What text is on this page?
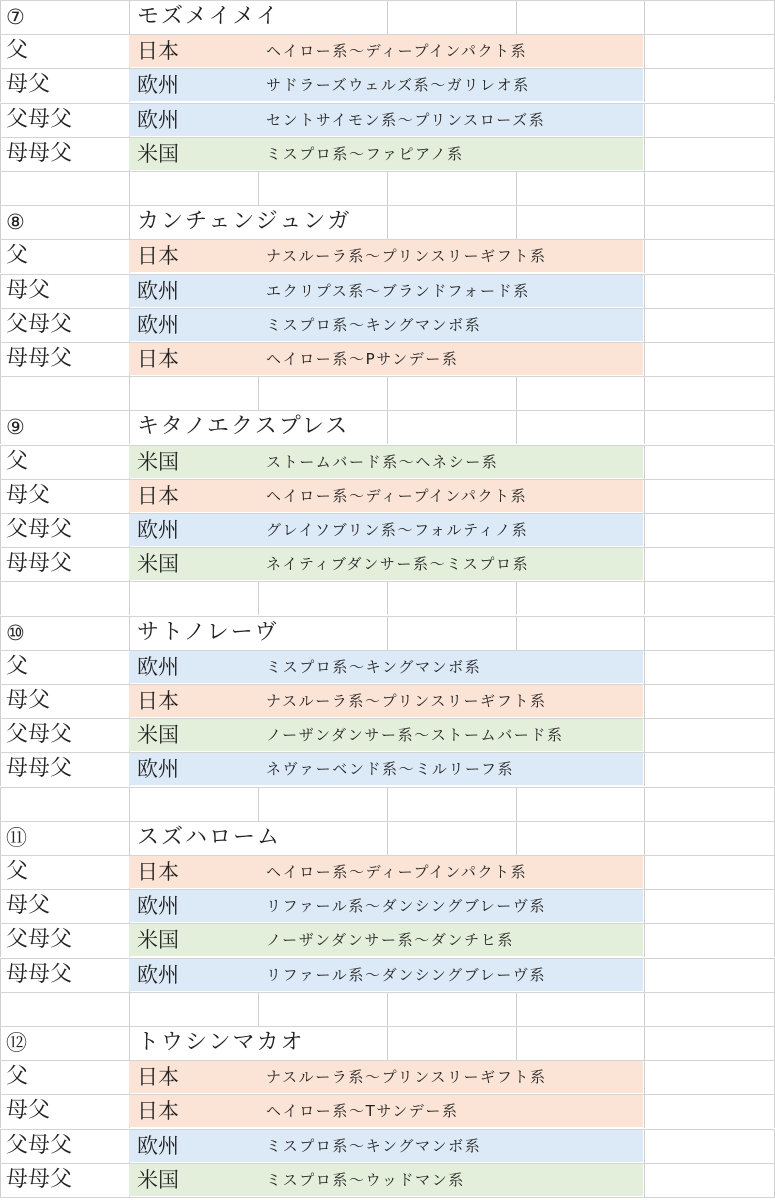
⑦	モズメイメイ
父	日本	ヘイロー系～ディープインパクト系
母父	欧州	サドラーズウェルズ系～ガリレオ系
父母父	欧州	セントサイモン系～プリンスローズ系
母母父	米国	ミスプロ系～ファピアノ系
⑧	カンチェンジュンガ
父	日本	ナスルーラ系～プリンスリーギフト系
母父	欧州	エクリプス系～ブランドフォード系
父母父	欧州	ミスプロ系～キングマンボ系
母母父	日本	ヘイロー系～Pサンデー系
⑨	キタノエクスプレス
父	米国	ストームバード系～ヘネシー系
母父	日本	ヘイロー系～ディープインパクト系
父母父	欧州	グレイソブリン系～フォルティノ系
母母父	米国	ネイティブダンサー系～ミスプロ系
⑩	サトノレーヴ
父	欧州	ミスプロ系～キングマンボ系
母父	日本	ナスルーラ系～プリンスリーギフト系
父母父	米国	ノーザンダンサー系～ストームバード系
母母父	欧州	ネヴァーベンド系～ミルリーフ系
⑪	スズハローム
父	日本	ヘイロー系～ディープインパクト系
母父	欧州	リファール系～ダンシングブレーヴ系
父母父	米国	ノーザンダンサー系～ダンチヒ系
母母父	欧州	リファール系～ダンシングブレーヴ系
⑫	トウシンマカオ
父	日本	ナスルーラ系～プリンスリーギフト系
母父	日本	ヘイロー系～Tサンデー系
父母父	欧州	ミスプロ系～キングマンボ系
母母父	米国	ミスプロ系～ウッドマン系
